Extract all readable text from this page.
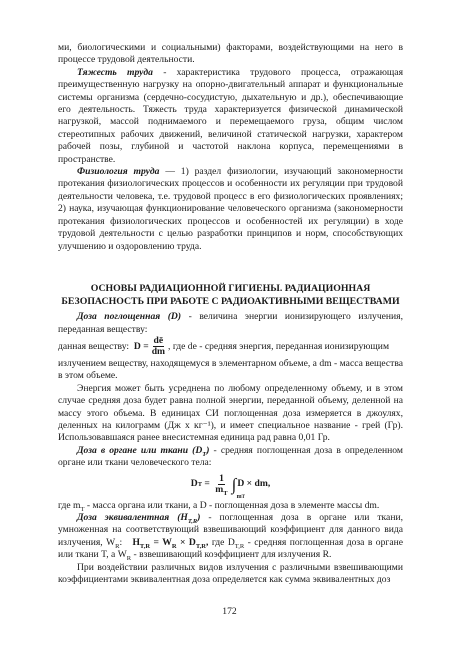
ми, биологическими и социальными) факторами, воздействующими на него в процессе трудовой деятельности.

Тяжесть труда - характеристика трудового процесса, отражающая преимущественную нагрузку на опорно-двигательный аппарат и функциональные системы организма (сердечно-сосудистую, дыхательную и др.), обеспечивающие его деятельность. Тяжесть труда характеризуется физической динамической нагрузкой, массой поднимаемого и перемещаемого груза, общим числом стереотипных рабочих движений, величиной статической нагрузки, характером рабочей позы, глубиной и частотой наклона корпуса, перемещениями в пространстве.

Физиология труда — 1) раздел физиологии, изучающий закономерности протекания физиологических процессов и особенности их регуляции при трудовой деятельности человека, т.е. трудовой процесс в его физиологических проявлениях; 2) наука, изучающая функционирование человеческого организма (закономерности протекания физиологических процессов и особенностей их регуляции) в ходе трудовой деятельности с целью разработки принципов и норм, способствующих улучшению и оздоровлению труда.

ОСНОВЫ РАДИАЦИОННОЙ ГИГИЕНЫ. РАДИАЦИОННАЯ БЕЗОПАСНОСТЬ ПРИ РАБОТЕ С РАДИОАКТИВНЫМИ ВЕЩЕСТВАМИ

Доза поглощенная (D) - величина энергии ионизирующего излучения, переданная веществу:

данная веществу: $D = \frac{dē}{dm}$ , где de - средняя энергия, переданная ионизирующим

излучением веществу, находящемуся в элементарном объеме, а dm - масса вещества в этом объеме.

Энергия может быть усреднена по любому определенному объему, и в этом случае средняя доза будет равна полной энергии, переданной объему, деленной на массу этого объема. В единицах СИ поглощенная доза измеряется в джоулях, деленных на килограмм (Дж х кг⁻¹), и имеет специальное название - грей (Гр). Использовавшаяся ранее внесистемная единица рад равна 0,01 Гр.

Доза в органе или ткани $(D_T)$ - средняя поглощенная доза в определенном органе или ткани человеческого тела:

D $T = \frac{1}{m_T}$ ∫
mT
D × dm,

где $m_T$ - масса органа или ткани, а D - поглощенная доза в элементе массы dm.

Доза эквивалентная $(H_{T,R})$ - поглощенная доза в органе или ткани, умноженная на соответствующий взвешивающий коэффициент для данного вида излучения, $W_R$: $H_{T,R} = W_R \times D_{T,R}$, где $D_{T,R}$ - средняя поглощенная доза в органе или ткани T, а $W_R$ - взвешивающий коэффициент для излучения R.

При воздействии различных видов излучения с различными взвешивающими коэффициентами эквивалентная доза определяется как сумма эквивалентных доз

172
